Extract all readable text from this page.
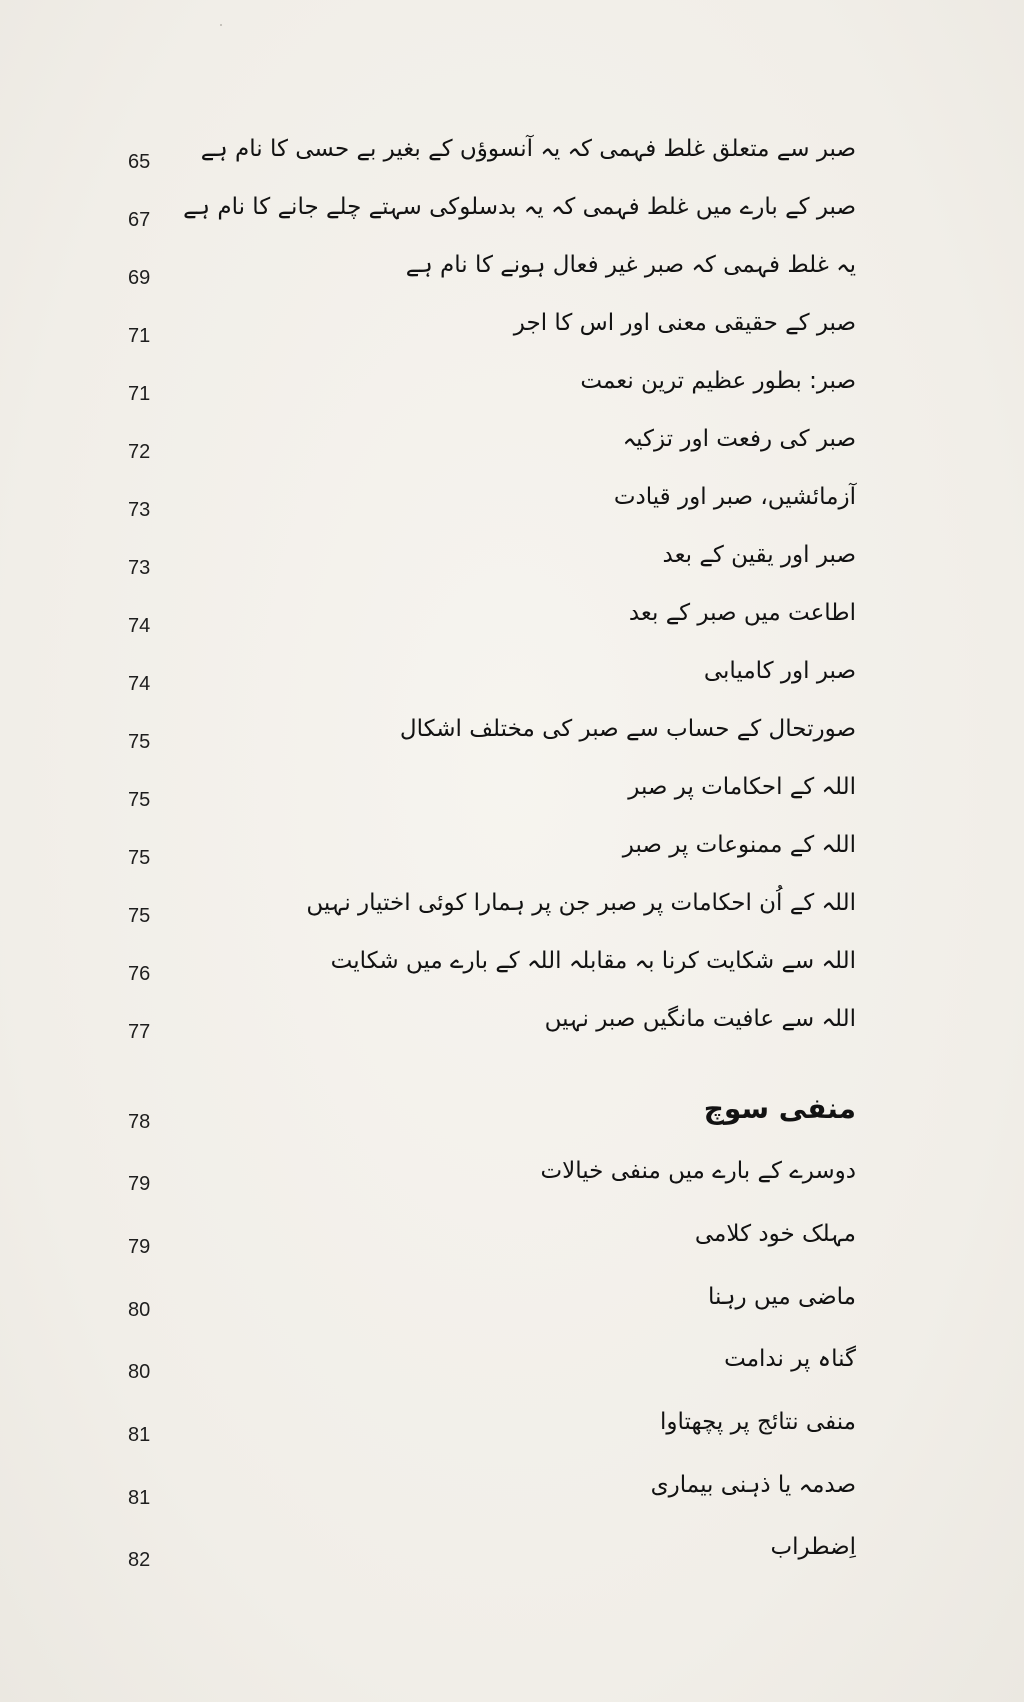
صبر سے متعلق غلط فہمی کہ یہ آنسوؤں کے بغیر بے حسی کا نام ہے
65
صبر کے بارے میں غلط فہمی کہ یہ بدسلوکی سہتے چلے جانے کا نام ہے
67
یہ غلط فہمی کہ صبر غیر فعال ہونے کا نام ہے
69
صبر کے حقیقی معنی اور اس کا اجر
71
صبر: بطور عظیم ترین نعمت
71
صبر کی رفعت اور تزکیہ
72
آزمائشیں، صبر اور قیادت
73
صبر اور یقین کے بعد
73
اطاعت میں صبر کے بعد
74
صبر اور کامیابی
74
صورتحال کے حساب سے صبر کی مختلف اشکال
75
اللہ کے احکامات پر صبر
75
اللہ کے ممنوعات پر صبر
75
اللہ کے اُن احکامات پر صبر جن پر ہمارا کوئی اختیار نہیں
75
اللہ سے شکایت کرنا بہ مقابلہ اللہ کے بارے میں شکایت
76
اللہ سے عافیت مانگیں صبر نہیں
77
منفی سوچ
78
دوسرے کے بارے میں منفی خیالات
79
مہلک خود کلامی
79
ماضی میں رہنا
80
گناہ پر ندامت
80
منفی نتائج پر پچھتاوا
81
صدمہ یا ذہنی بیماری
81
اِضطراب
82
